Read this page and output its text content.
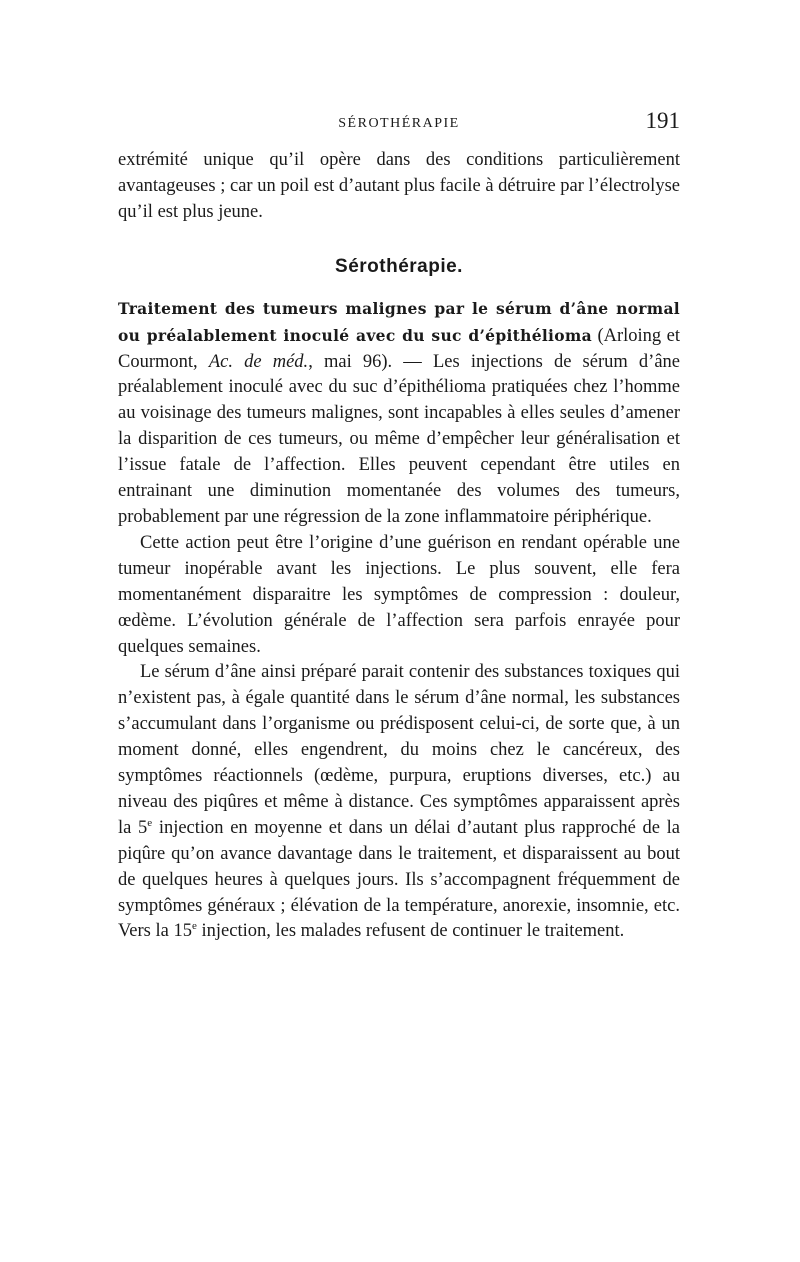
SÉROTHÉRAPIE	191

extrémité unique qu’il opère dans des conditions particulièrement avantageuses ; car un poil est d’autant plus facile à détruire par l’électrolyse qu’il est plus jeune.

Sérothérapie.

Traitement des tumeurs malignes par le sérum d’âne normal ou préalablement inoculé avec du suc d’épithélioma (Arloing et Courmont, Ac. de méd., mai 96). — Les injections de sérum d’âne préalablement inoculé avec du suc d’épithélioma pratiquées chez l’homme au voisinage des tumeurs malignes, sont incapables à elles seules d’amener la disparition de ces tumeurs, ou même d’empêcher leur généralisation et l’issue fatale de l’affection. Elles peuvent cependant être utiles en entrainant une diminution momentanée des volumes des tumeurs, probablement par une régression de la zone inflammatoire périphérique.

Cette action peut être l’origine d’une guérison en rendant opérable une tumeur inopérable avant les injections. Le plus souvent, elle fera momentanément disparaitre les symptômes de compression : douleur, œdème. L’évolution générale de l’affection sera parfois enrayée pour quelques semaines.

Le sérum d’âne ainsi préparé parait contenir des substances toxiques qui n’existent pas, à égale quantité dans le sérum d’âne normal, les substances s’accumulant dans l’organisme ou prédisposent celui-ci, de sorte que, à un moment donné, elles engendrent, du moins chez le cancéreux, des symptômes réactionnels (œdème, purpura, eruptions diverses, etc.) au niveau des piqûres et même à distance. Ces symptômes apparaissent après la 5e injection en moyenne et dans un délai d’autant plus rapproché de la piqûre qu’on avance davantage dans le traitement, et disparaissent au bout de quelques heures à quelques jours. Ils s’accompagnent fréquemment de symptômes généraux ; élévation de la température, anorexie, insomnie, etc. Vers la 15e injection, les malades refusent de continuer le traitement.
